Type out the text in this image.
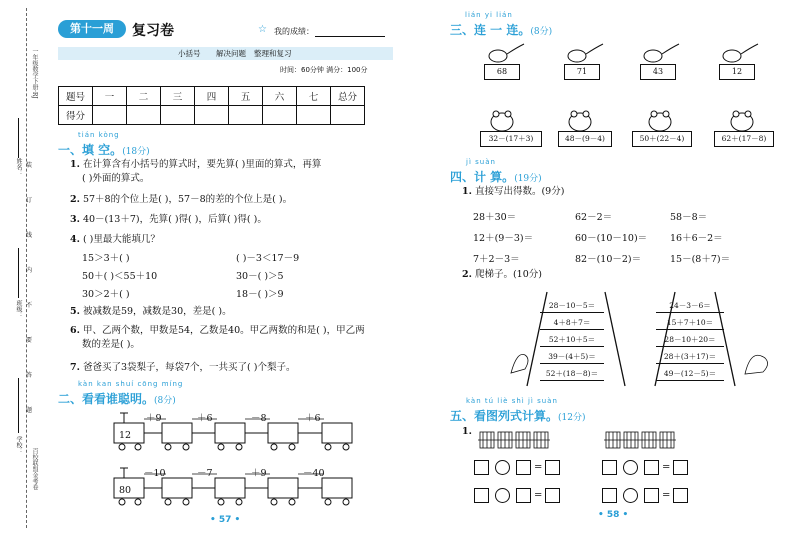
一年级数学下册·RJ
姓名：
班级：
学校：
装
订
线
内
不
要
答
题
百校联盟金考卷
第十一周	复习卷	☆ 我的成绩：
小括号 解决问题 整理和复习
时间：60分钟 满分：100分
题号	一	二	三	四	五	六	七	总分
得分								
tián kòng
一、填 空。(18分)
1. 在计算含有小括号的算式时，要先算( )里面的算式，再算
( )外面的算式。
2. 57＋8的个位上是( )，57－8的差的个位上是( )。
3. 40－(13＋7)，先算( )得( )，后算( )得( )。
4. ( )里最大能填几？
15＞3＋( )	( )－3＜17－9
50＋( )＜55＋10	30－( )＞5
30＞2＋( )	18－( )＞9
5. 被减数是59，减数是30，差是( )。
6. 甲、乙两个数，甲数是54，乙数是40。甲乙两数的和是( )，甲乙两
数的差是( )。
7. 爸爸买了3袋梨子，每袋7个，一共买了( )个梨子。
kàn kan shuí cōng míng
二、看看谁聪明。(8分)
12
＋9	＋6	－8	＋6
80
－10	－7	＋9	－40
• 57 •
lián yi lián
三、连 一 连。(8分)
68	71	43	12
32－(17＋3)	48－(9－4)	50＋(22－4)	62＋(17－8)
jì suàn
四、计 算。(19分)
1. 直接写出得数。(9分)
28＋30＝	62－2＝	58－8＝
12＋(9－3)＝	60－(10－10)＝ 16＋6－2＝
7＋2－3＝	82－(10－2)＝	15－(8＋7)＝
2. 爬梯子。(10分)
28－10－5＝
4＋8＋7＝
52＋10＋5＝
39－(4＋5)＝
52＋(18－8)＝
24－3－6＝
15＋7＋10＝
28－10＋20＝
28＋(3＋17)＝
49－(12－5)＝
kàn tú liè shì jì suàn
五、看图列式计算。(12分)
1.
=
=
=
=
• 58 •
